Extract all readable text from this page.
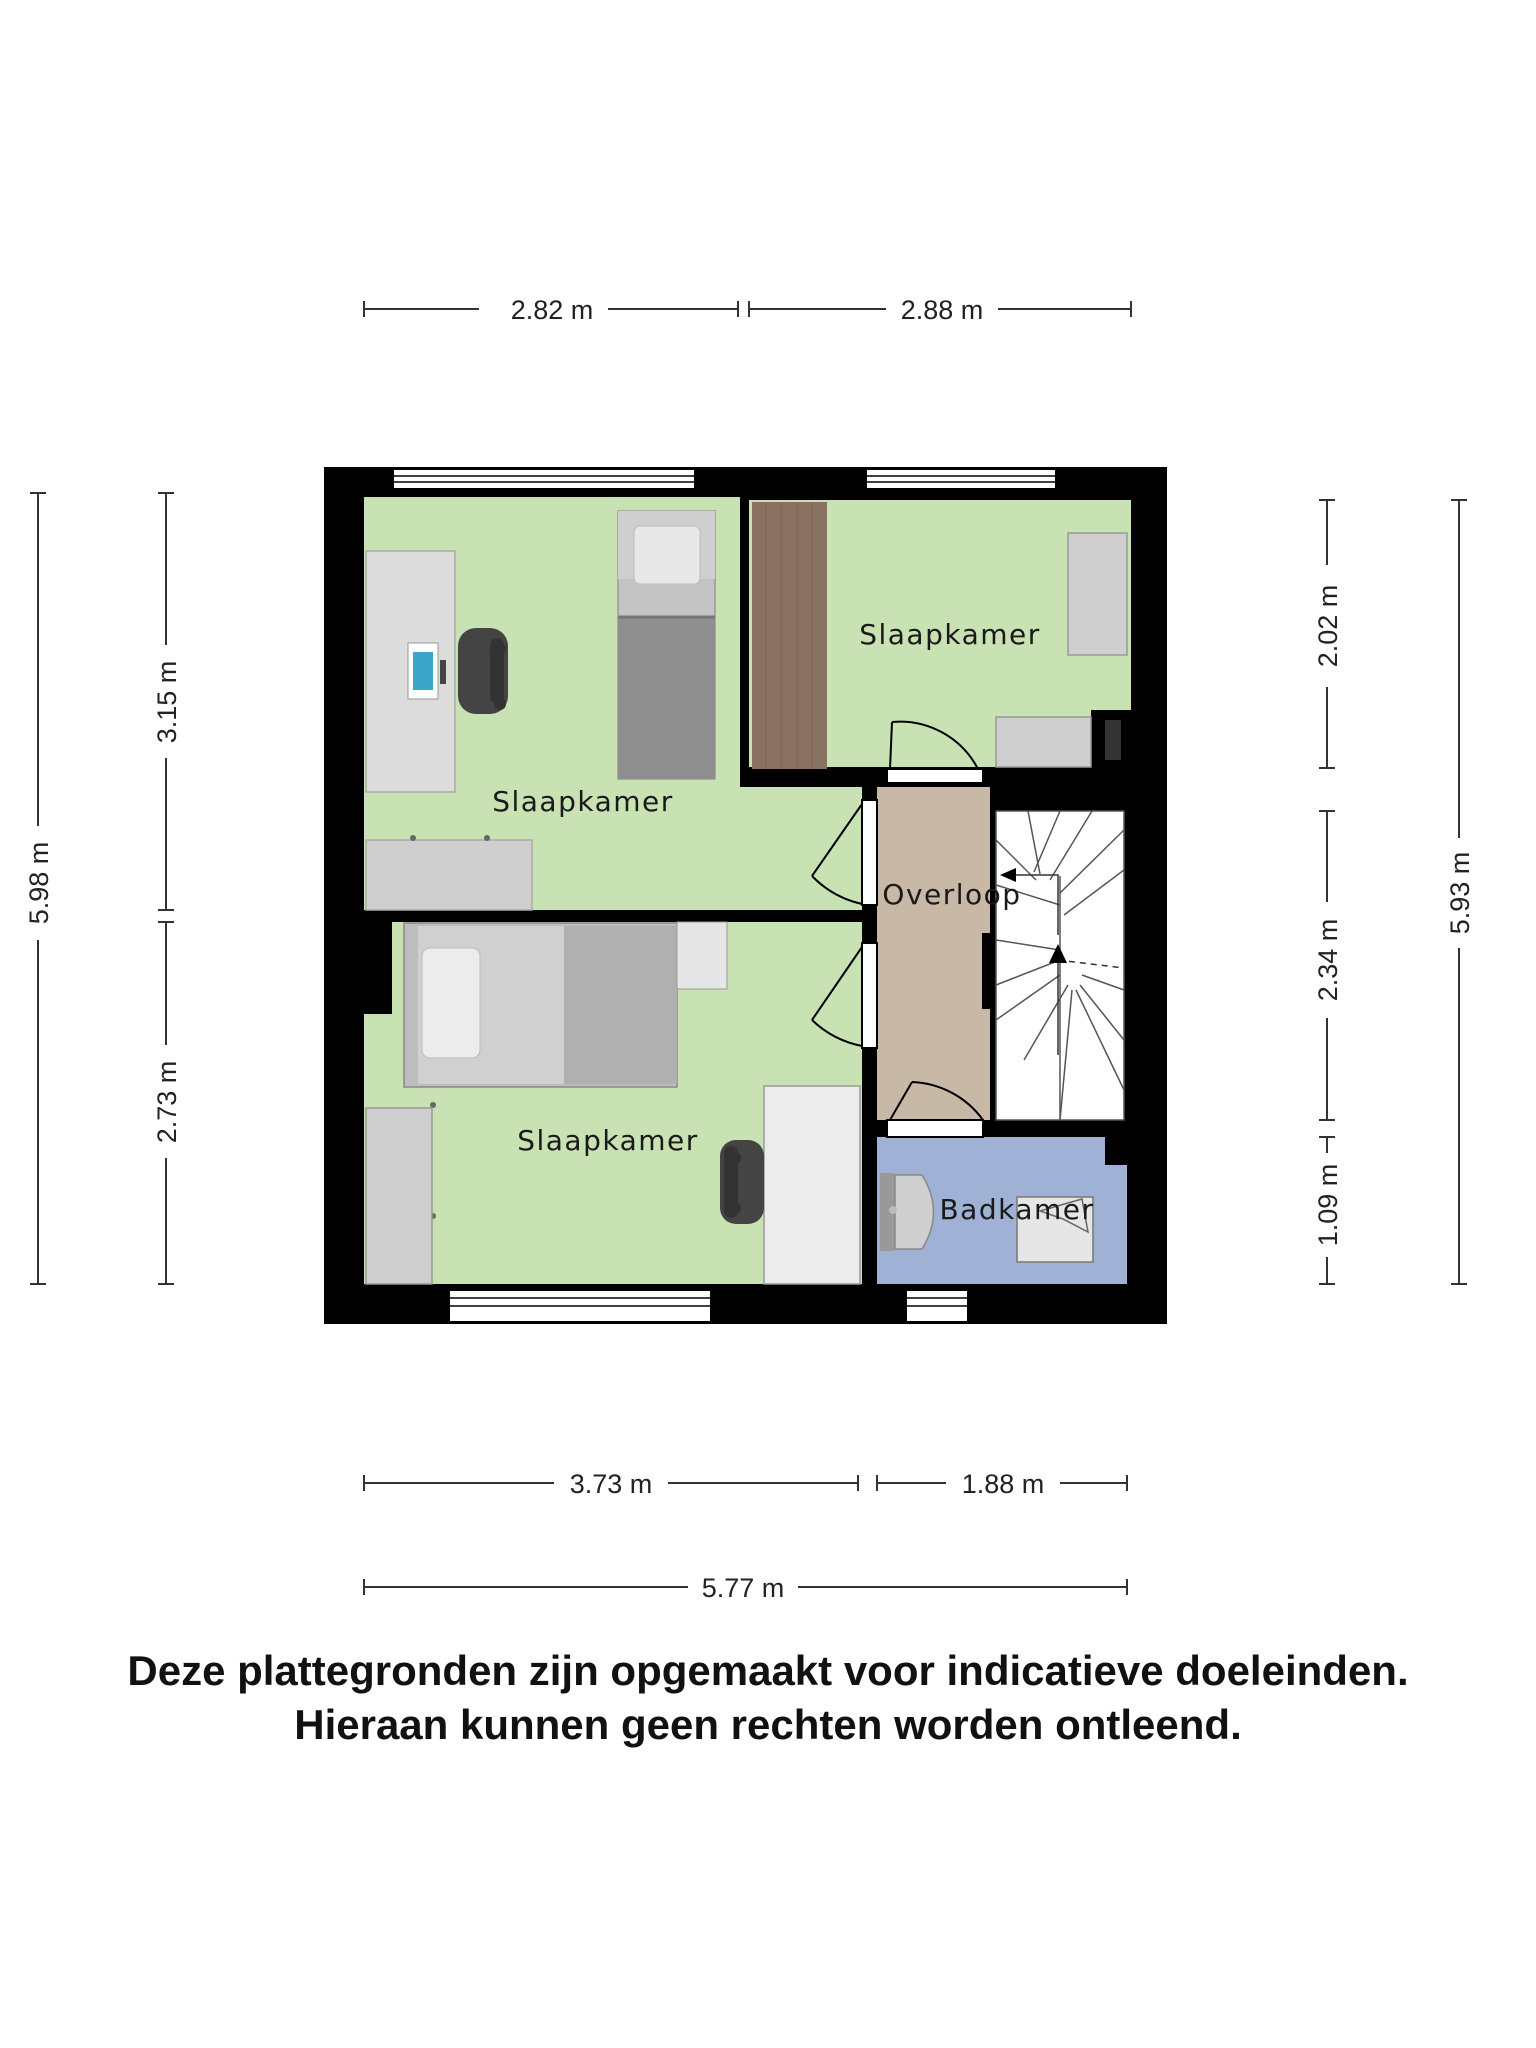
2.82 m	2.88 m
3.73 m	1.88 m
5.77 m
5.98 m
3.15 m
2.73 m
2.02 m
2.34 m
1.09 m
5.93 m
Slaapkamer
Slaapkamer
Overloop
Slaapkamer
Badkamer
Deze plattegronden zijn opgemaakt voor indicatieve doeleinden.
Hieraan kunnen geen rechten worden ontleend.
